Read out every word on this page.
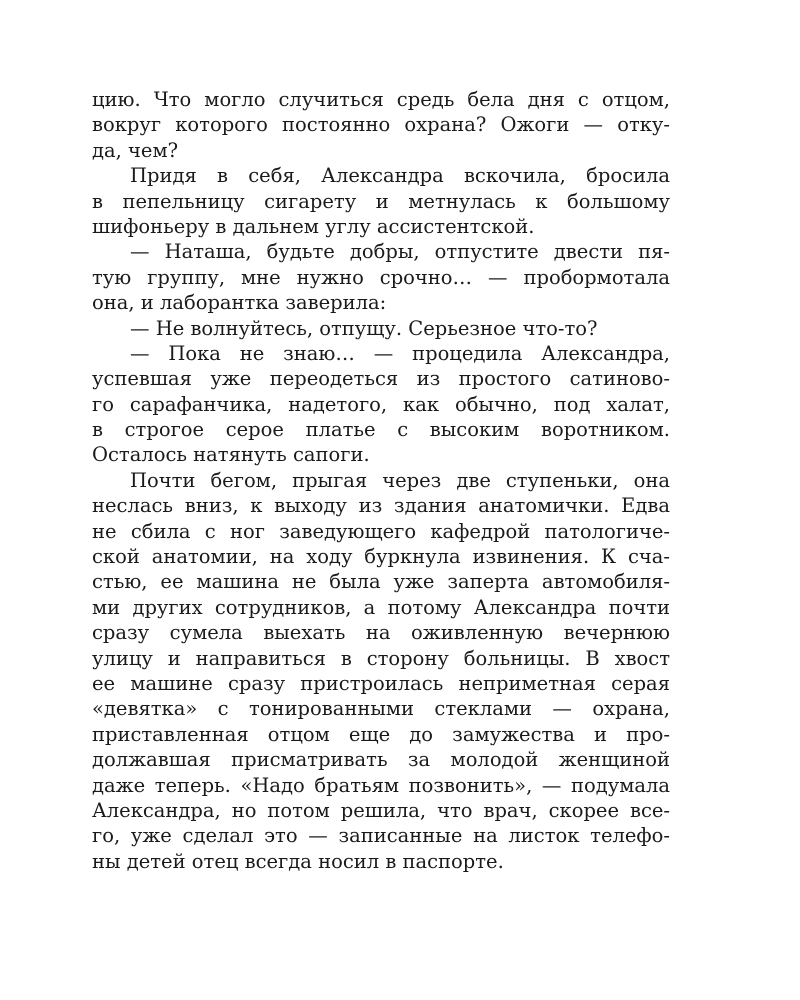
цию. Что могло случиться средь бела дня с отцом,
вокруг которого постоянно охрана? Ожоги — отку-
да, чем?
Придя в себя, Александра вскочила, бросила
в пепельницу сигарету и метнулась к большому
шифоньеру в дальнем углу ассистентской.
— Наташа, будьте добры, отпустите двести пя-
тую группу, мне нужно срочно… — пробормотала
она, и лаборантка заверила:
— Не волнуйтесь, отпущу. Серьезное что-то?
— Пока не знаю… — процедила Александра,
успевшая уже переодеться из простого сатиново-
го сарафанчика, надетого, как обычно, под халат,
в строгое серое платье с высоким воротником.
Осталось натянуть сапоги.
Почти бегом, прыгая через две ступеньки, она
неслась вниз, к выходу из здания анатомички. Едва
не сбила с ног заведующего кафедрой патологиче-
ской анатомии, на ходу буркнула извинения. К сча-
стью, ее машина не была уже заперта автомобиля-
ми других сотрудников, а потому Александра почти
сразу сумела выехать на оживленную вечернюю
улицу и направиться в сторону больницы. В хвост
ее машине сразу пристроилась неприметная серая
«девятка» с тонированными стеклами — охрана,
приставленная отцом еще до замужества и про-
должавшая присматривать за молодой женщиной
даже теперь. «Надо братьям позвонить», — подумала
Александра, но потом решила, что врач, скорее все-
го, уже сделал это — записанные на листок телефо-
ны детей отец всегда носил в паспорте.
